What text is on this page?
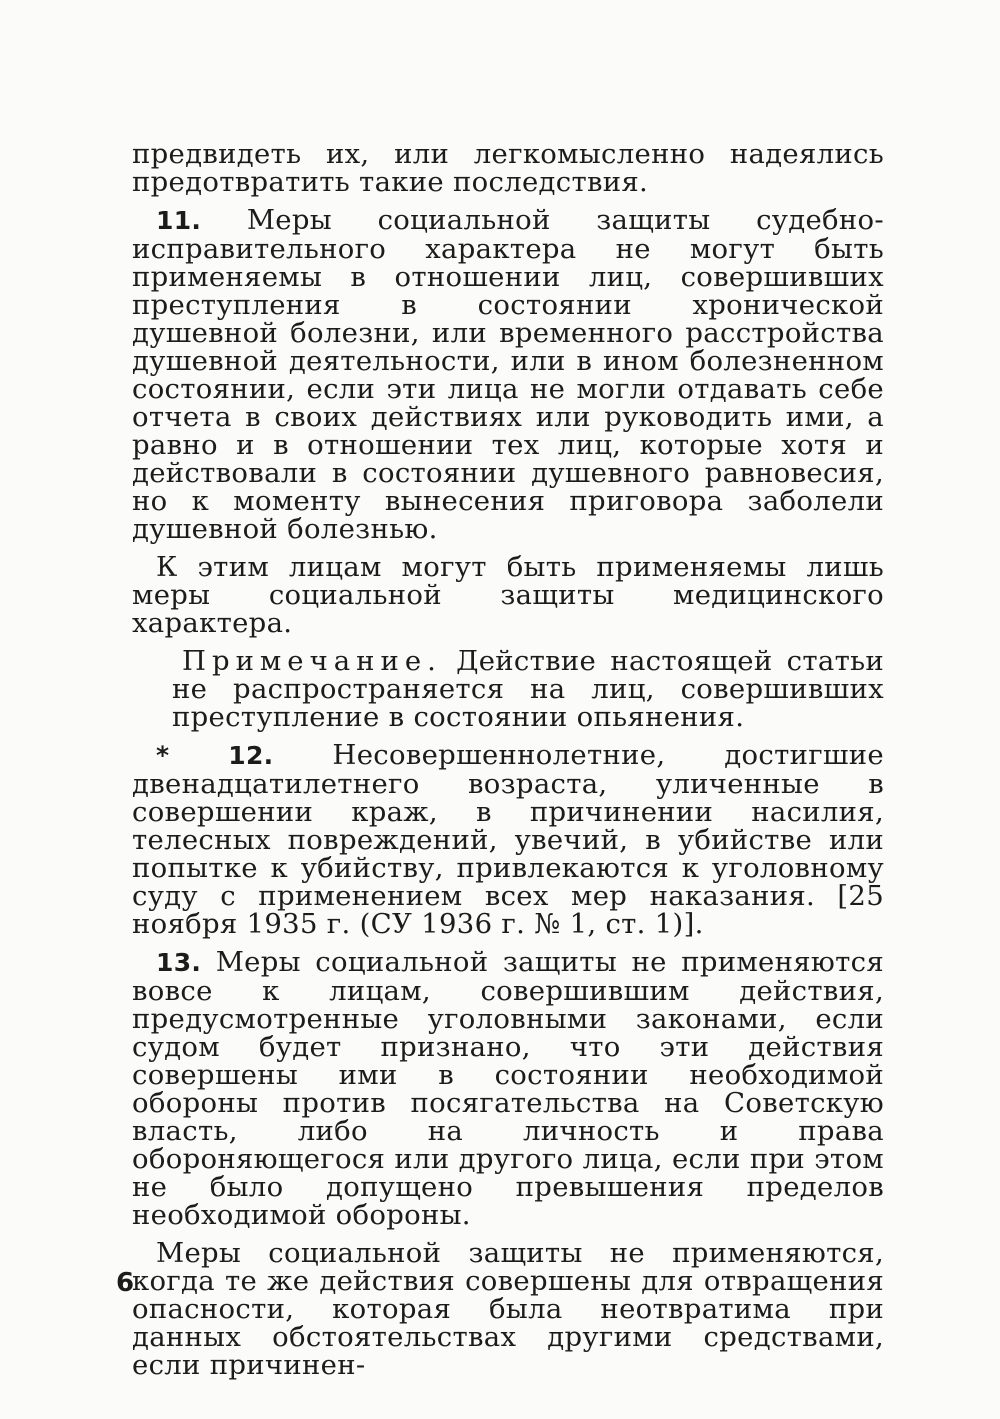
предвидеть их, или легкомысленно надеялись предотвратить такие последствия.

11. Меры социальной защиты судебно-исправительного характера не могут быть применяемы в отношении лиц, совершивших преступления в состоянии хронической душевной болезни, или временного расстройства душевной деятельности, или в ином болезненном состоянии, если эти лица не могли отдавать себе отчета в своих действиях или руководить ими, а равно и в отношении тех лиц, которые хотя и действовали в состоянии душевного равновесия, но к моменту вынесения приговора заболели душевной болезнью.

К этим лицам могут быть применяемы лишь меры социальной защиты медицинского характера.

Примечание. Действие настоящей статьи не распространяется на лиц, совершивших преступление в состоянии опьянения.

* 12. Несовершеннолетние, достигшие двенадцатилетнего возраста, уличенные в совершении краж, в причинении насилия, телесных повреждений, увечий, в убийстве или попытке к убийству, привлекаются к уголовному суду с применением всех мер наказания. [25 ноября 1935 г. (СУ 1936 г. № 1, ст. 1)].

13. Меры социальной защиты не применяются вовсе к лицам, совершившим действия, предусмотренные уголовными законами, если судом будет признано, что эти действия совершены ими в состоянии необходимой обороны против посягательства на Советскую власть, либо на личность и права обороняющегося или другого лица, если при этом не было допущено превышения пределов необходимой обороны.

Меры социальной защиты не применяются, когда те же действия совершены для отвращения опасности, которая была неотвратима при данных обстоятельствах другими средствами, если причинен-

6
